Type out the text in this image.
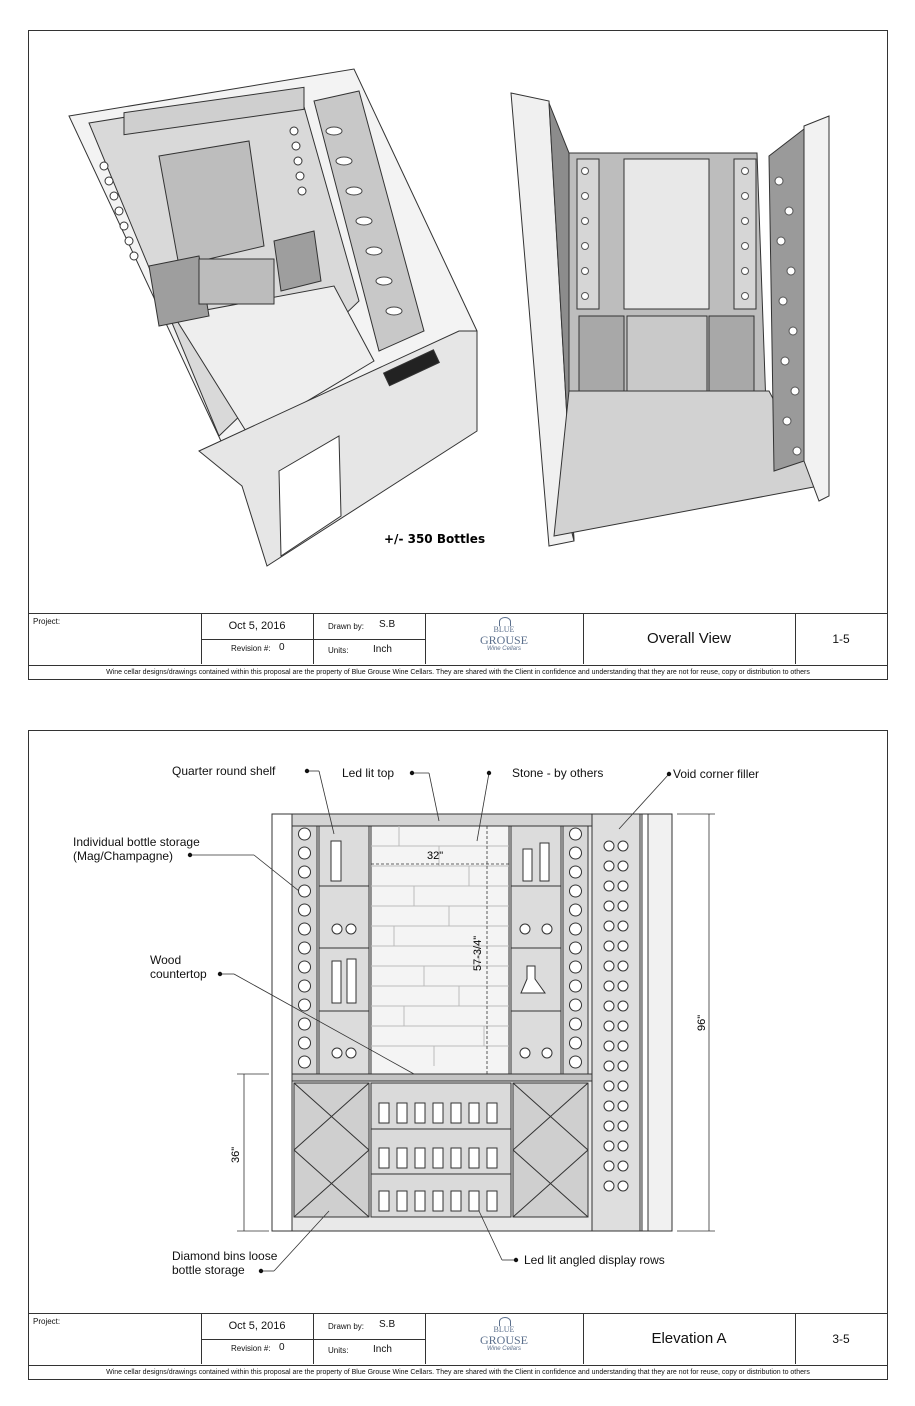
+/- 350 Bottles
Project:	Oct 5, 2016
Revision #: 0
Drawn by: S.B
Units: Inch
BLUE
GROUSE
Wine Cellars
Overall View	1-5
Wine cellar designs/drawings contained within this proposal are the property of Blue Grouse Wine Cellars. They are shared with the Client in confidence and understanding that they are not for reuse, copy or distribution to others
32"
57-3/4"
36"
96"
Quarter round shelf	Led lit top	Stone - by others	Void corner filler
Individual bottle storage
(Mag/Champagne)
Wood
countertop
Diamond bins loose
bottle storage
Led lit angled display rows
Project:	Oct 5, 2016
Revision #: 0
Drawn by: S.B
Units: Inch
BLUE
GROUSE
Wine Cellars
Elevation A	3-5
Wine cellar designs/drawings contained within this proposal are the property of Blue Grouse Wine Cellars. They are shared with the Client in confidence and understanding that they are not for reuse, copy or distribution to others
